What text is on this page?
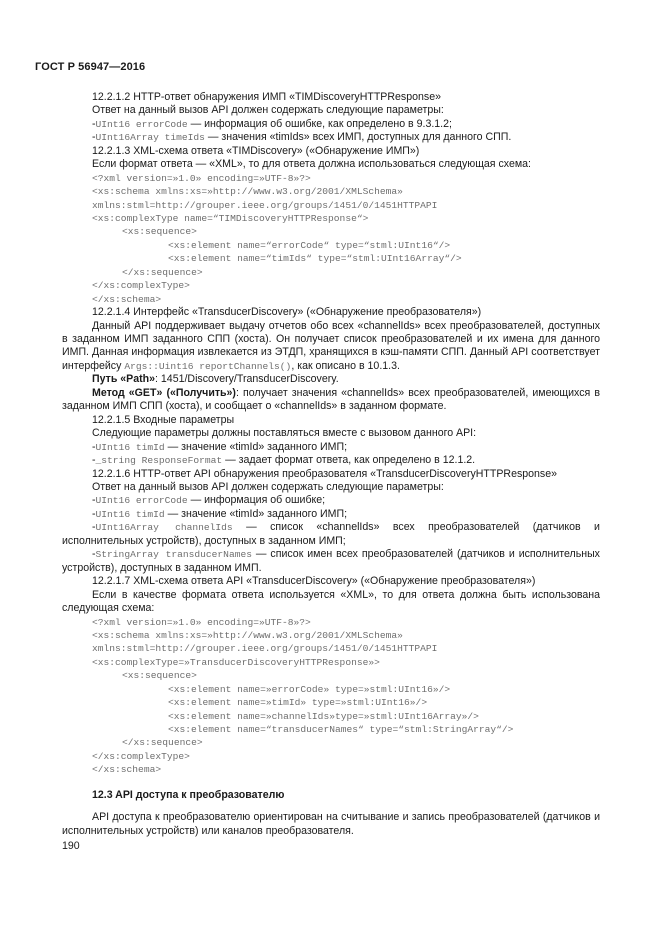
ГОСТ Р 56947—2016

12.2.1.2 HTTP-ответ обнаружения ИМП «TIMDiscoveryHTTPResponse»

Ответ на данный вызов API должен содержать следующие параметры:

-UInt16 errorCode — информация об ошибке, как определено в 9.3.1.2;

-UInt16Array timeIds — значения «timIds» всех ИМП, доступных для данного СПП.

12.2.1.3 XML-схема ответа «TIMDiscovery» («Обнаружение ИМП»)

Если формат ответа — «XML», то для ответа должна использоваться следующая схема:

<?xml version=»1.0» encoding=»UTF-8»?>
<xs:schema xmlns:xs=»http://www.w3.org/2001/XMLSchema»
xmlns:stml=http://grouper.ieee.org/groups/1451/0/1451HTTPAPI
<xs:complexType name=“TIMDiscoveryHTTPResponse“>
<xs:sequence>
<xs:element name=“errorCode“ type=“stml:UInt16“/>
<xs:element name=“timIds“ type=“stml:UInt16Array“/>
</xs:sequence>
</xs:complexType>
</xs:schema>

12.2.1.4 Интерфейс «TransducerDiscovery» («Обнаружение преобразователя»)

Данный API поддерживает выдачу отчетов обо всех «channelIds» всех преобразователей, доступных в заданном ИМП заданного СПП (хоста). Он получает список преобразователей и их имена для данного ИМП. Данная информация извлекается из ЭТДП, хранящихся в кэш-памяти СПП. Данный API соответствует интерфейсу Args::Uint16 reportChannels(), как описано в 10.1.3.

Путь «Path»: 1451/Discovery/TransducerDiscovery.

Метод «GET» («Получить»): получает значения «channelIds» всех преобразователей, имеющихся в заданном ИМП СПП (хоста), и сообщает о «channelIds» в заданном формате.

12.2.1.5 Входные параметры

Следующие параметры должны поставляться вместе с вызовом данного API:

-UInt16 timId — значение «timId» заданного ИМП;

-_string ResponseFormat — задает формат ответа, как определено в 12.1.2.

12.2.1.6 HTTP-ответ API обнаружения преобразователя «TransducerDiscoveryHTTPResponse»

Ответ на данный вызов API должен содержать следующие параметры:

-UInt16 errorCode — информация об ошибке;

-UInt16 timId — значение «timId» заданного ИМП;

-UInt16Array channelIds — список «channelIds» всех преобразователей (датчиков и исполнительных устройств), доступных в заданном ИМП;

-StringArray transducerNames — список имен всех преобразователей (датчиков и исполнительных устройств), доступных в заданном ИМП.

12.2.1.7 XML-схема ответа API «TransducerDiscovery» («Обнаружение преобразователя»)

Если в качестве формата ответа используется «XML», то для ответа должна быть использована следующая схема:

<?xml version=»1.0» encoding=»UTF-8»?>
<xs:schema xmlns:xs=»http://www.w3.org/2001/XMLSchema»
xmlns:stml=http://grouper.ieee.org/groups/1451/0/1451HTTPAPI
<xs:complexType=»TransducerDiscoveryHTTPResponse»>
<xs:sequence>
<xs:element name=»errorCode» type=»stml:UInt16»/>
<xs:element name=»timId» type=»stml:UInt16»/>
<xs:element name=»channelIds»type=»stml:UInt16Array»/>
<xs:element name=“transducerNames“ type=“stml:StringArray“/>
</xs:sequence>
</xs:complexType>
</xs:schema>

12.3 API доступа к преобразователю

API доступа к преобразователю ориентирован на считывание и запись преобразователей (датчиков и исполнительных устройств) или каналов преобразователя.

190
